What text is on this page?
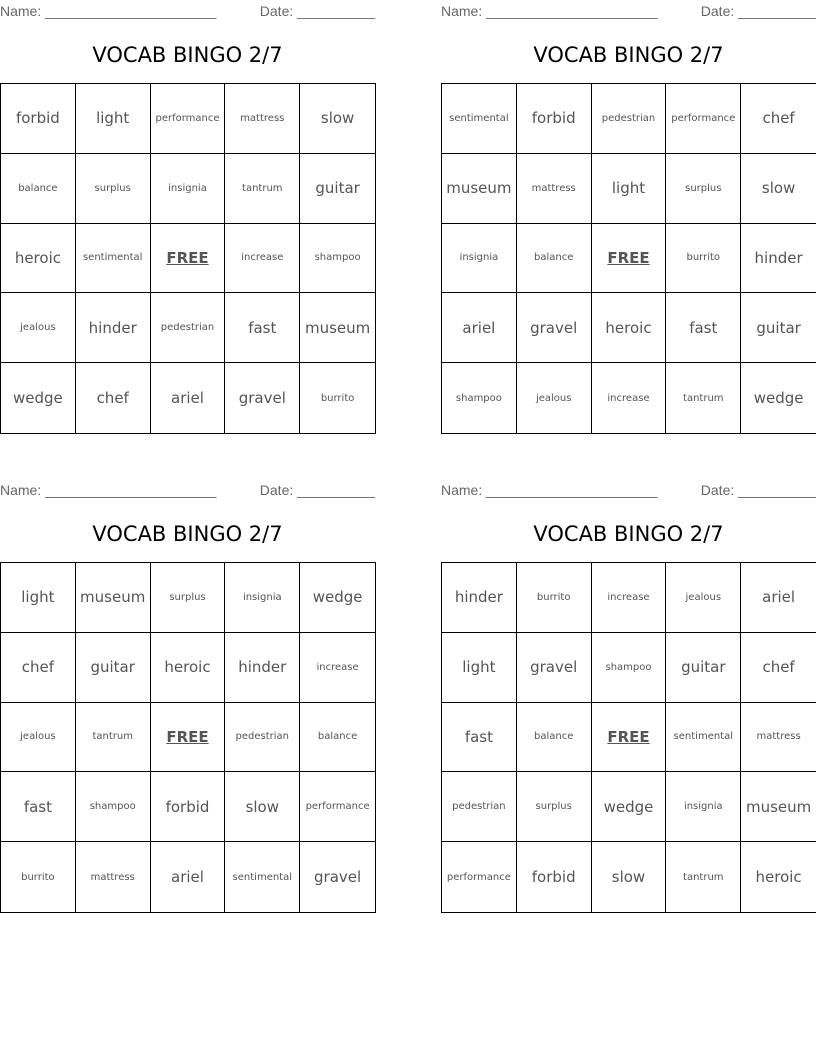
Name: ______________________	Date: __________
VOCAB BINGO 2/7
forbid	light	performance	mattress	slow
balance	surplus	insignia	tantrum	guitar
heroic	sentimental	FREE	increase	shampoo
jealous	hinder	pedestrian	fast	museum
wedge	chef	ariel	gravel	burrito
Name: ______________________	Date: __________
VOCAB BINGO 2/7
sentimental	forbid	pedestrian	performance	chef
museum	mattress	light	surplus	slow
insignia	balance	FREE	burrito	hinder
ariel	gravel	heroic	fast	guitar
shampoo	jealous	increase	tantrum	wedge
Name: ______________________	Date: __________
VOCAB BINGO 2/7
light	museum	surplus	insignia	wedge
chef	guitar	heroic	hinder	increase
jealous	tantrum	FREE	pedestrian	balance
fast	shampoo	forbid	slow	performance
burrito	mattress	ariel	sentimental	gravel
Name: ______________________	Date: __________
VOCAB BINGO 2/7
hinder	burrito	increase	jealous	ariel
light	gravel	shampoo	guitar	chef
fast	balance	FREE	sentimental	mattress
pedestrian	surplus	wedge	insignia	museum
performance	forbid	slow	tantrum	heroic
